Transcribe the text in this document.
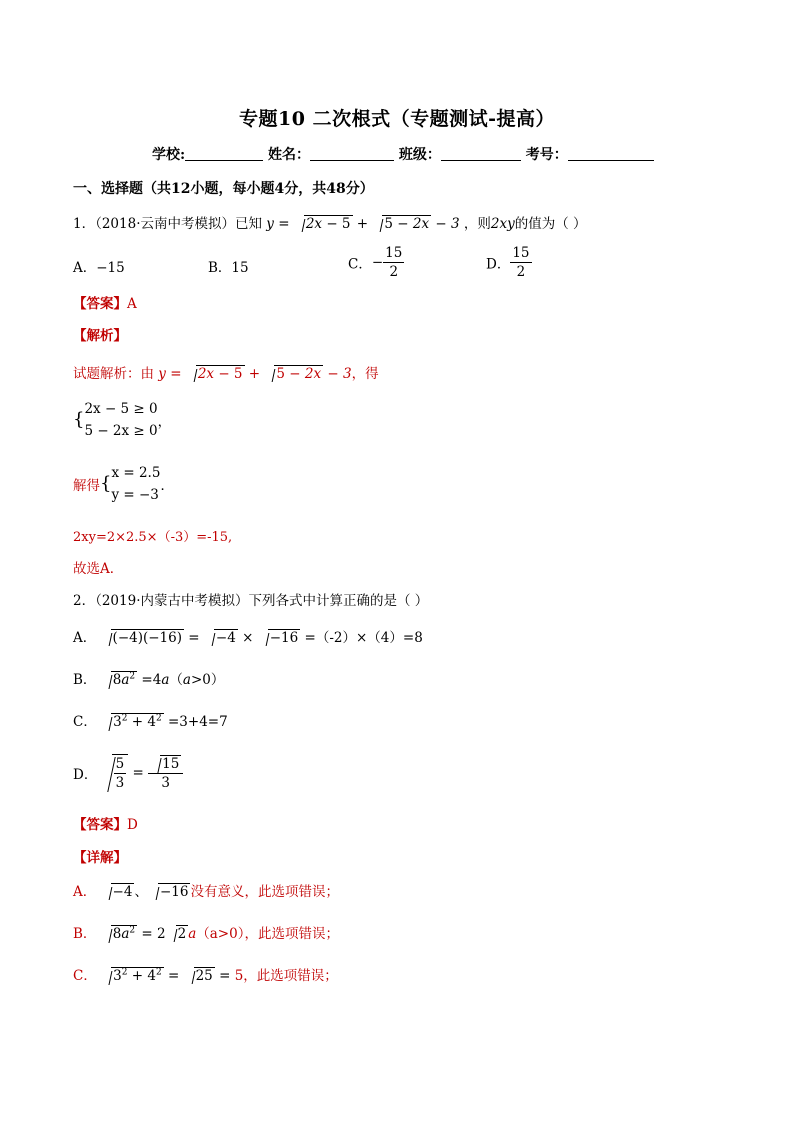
专题10 二次根式（专题测试-提高）
学校:	姓名：	班级：	考号：
一、选择题（共12小题，每小题4分，共48分）
1．（2018·云南中考模拟）已知 y = 2x − 5 + 5 − 2x − 3 ，则2xy的值为（ ）
A．−15	B．15	C．− $\frac{15}{2}$	D． $\frac{15}{2}$
【答案】A
【解析】
试题解析：由 y = 2x − 5 + 5 − 2x − 3，得
{ 2x − 5 ≥ 0
5 − 2x ≥ 0
，
解得{ x = 2.5
y = −3
．
2xy=2×2.5×（-3）=-15,
故选A．
2．（2019·内蒙古中考模拟）下列各式中计算正确的是（ ）
A． (−4)(−16) = −4 × −16 =（-2）×（4）=8
B． $8a^2 =4a(a>0)$
C． $3^2 + 4^2 =3+4=7$
D． $\frac{5}{3} = \frac{15}{3}$
【答案】D
【详解】
A． −4 、 −16 没有意义，此选项错误；
B． $8a^2 = 2$ 2 a（a>0），此选项错误；
C． $3^2 + 4^2 = 25 = 5$，此选项错误；
